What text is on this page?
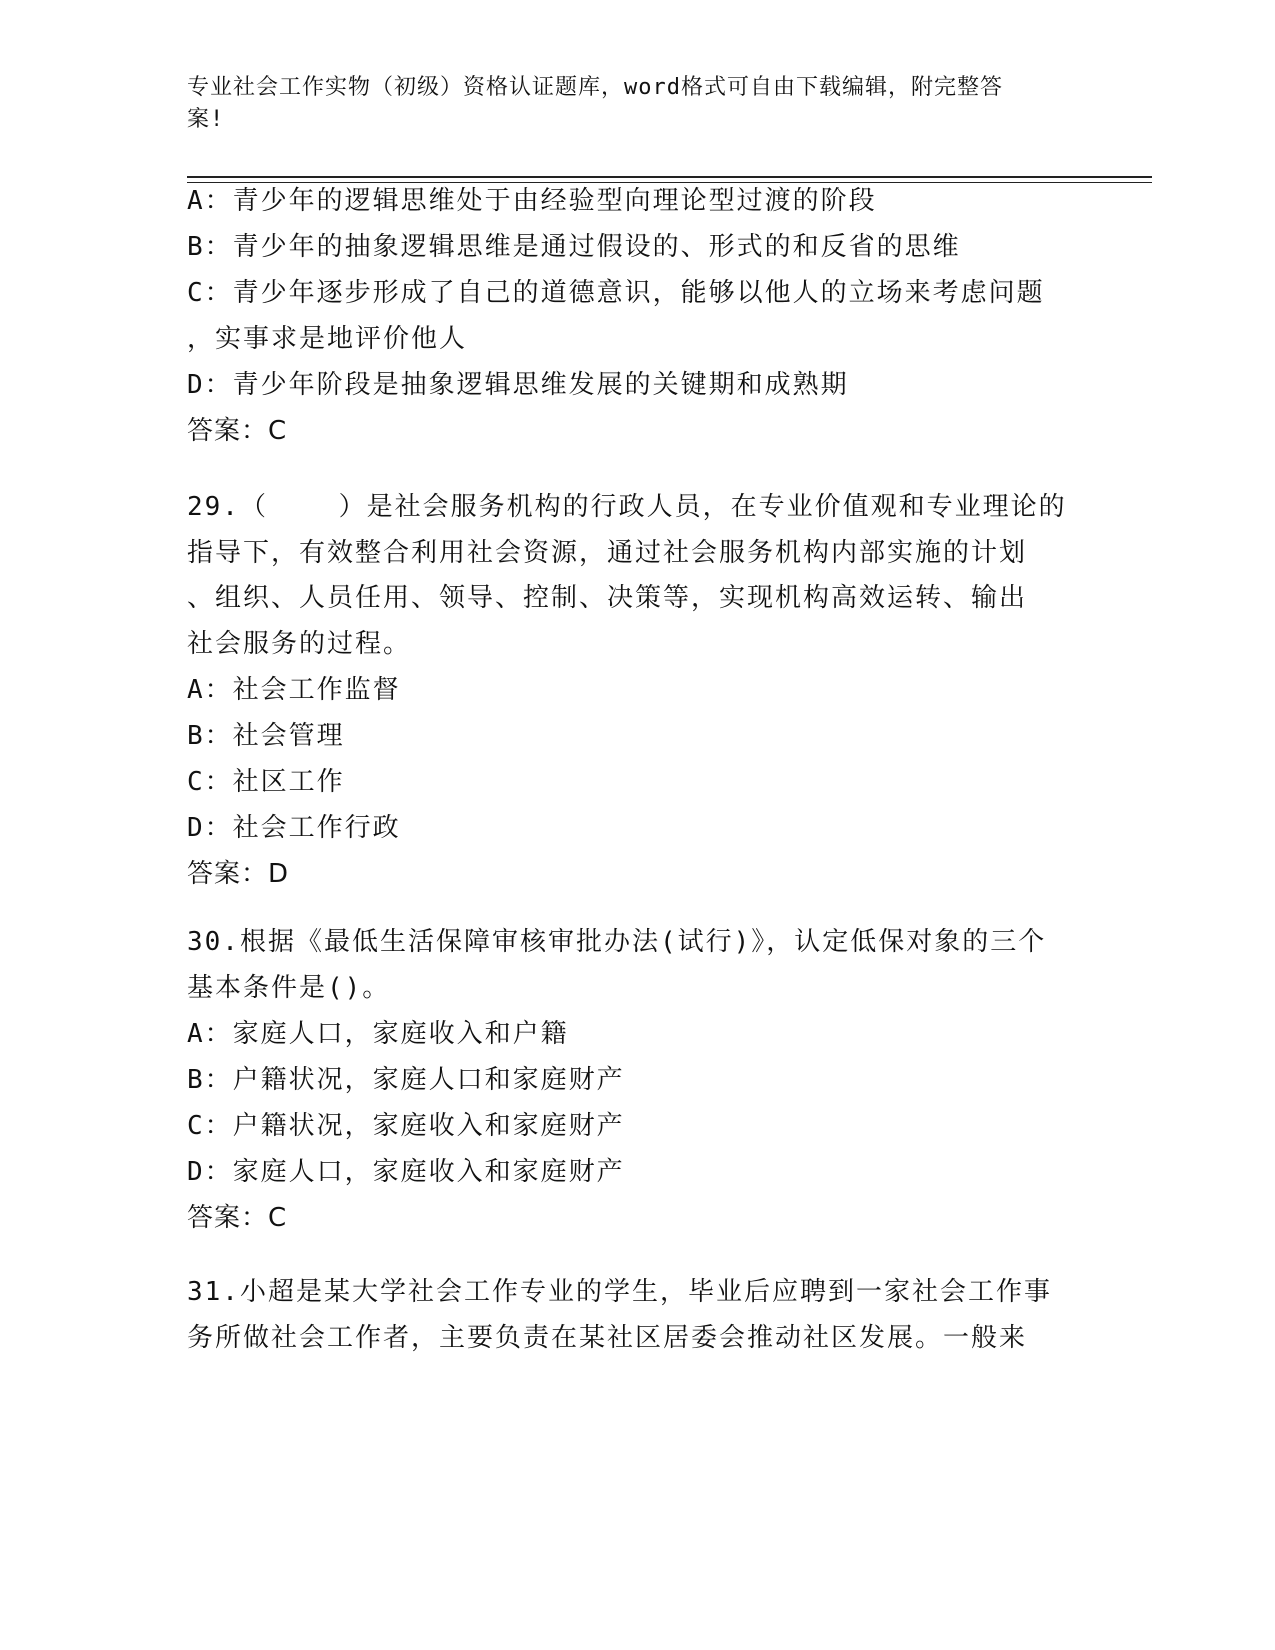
专业社会工作实物（初级）资格认证题库，word格式可自由下载编辑，附完整答
案!
A：青少年的逻辑思维处于由经验型向理论型过渡的阶段
B：青少年的抽象逻辑思维是通过假设的、形式的和反省的思维
C：青少年逐步形成了自己的道德意识，能够以他人的立场来考虑问题
，实事求是地评价他人
D：青少年阶段是抽象逻辑思维发展的关键期和成熟期
答案：C
29.（    ）是社会服务机构的行政人员，在专业价值观和专业理论的
指导下，有效整合利用社会资源，通过社会服务机构内部实施的计划
、组织、人员任用、领导、控制、决策等，实现机构高效运转、输出
社会服务的过程。
A：社会工作监督
B：社会管理
C：社区工作
D：社会工作行政
答案：D
30.根据《最低生活保障审核审批办法(试行)》，认定低保对象的三个
基本条件是()。
A：家庭人口，家庭收入和户籍
B：户籍状况，家庭人口和家庭财产
C：户籍状况，家庭收入和家庭财产
D：家庭人口，家庭收入和家庭财产
答案：C
31.小超是某大学社会工作专业的学生，毕业后应聘到一家社会工作事
务所做社会工作者，主要负责在某社区居委会推动社区发展。一般来
